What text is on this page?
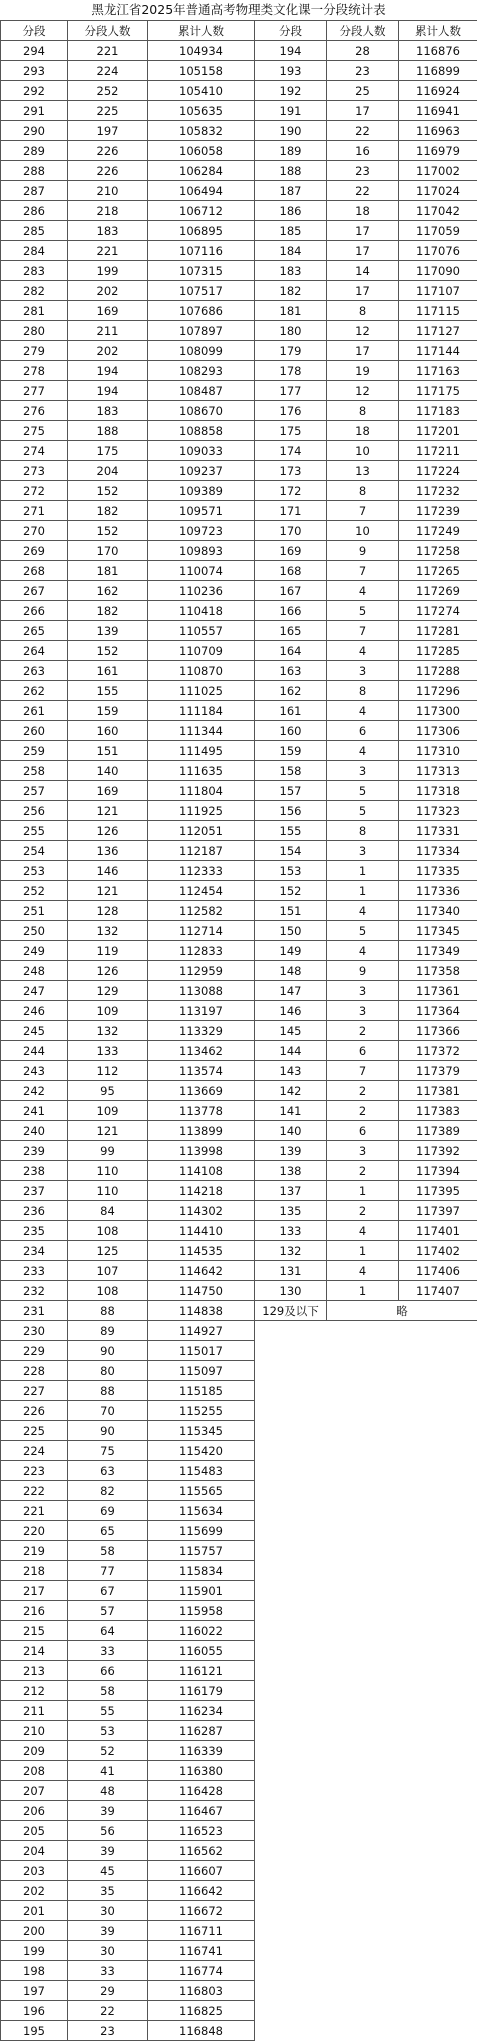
黑龙江省2025年普通高考物理类文化课一分段统计表
分段	分段人数	累计人数
294	221	104934
293	224	105158
292	252	105410
291	225	105635
290	197	105832
289	226	106058
288	226	106284
287	210	106494
286	218	106712
285	183	106895
284	221	107116
283	199	107315
282	202	107517
281	169	107686
280	211	107897
279	202	108099
278	194	108293
277	194	108487
276	183	108670
275	188	108858
274	175	109033
273	204	109237
272	152	109389
271	182	109571
270	152	109723
269	170	109893
268	181	110074
267	162	110236
266	182	110418
265	139	110557
264	152	110709
263	161	110870
262	155	111025
261	159	111184
260	160	111344
259	151	111495
258	140	111635
257	169	111804
256	121	111925
255	126	112051
254	136	112187
253	146	112333
252	121	112454
251	128	112582
250	132	112714
249	119	112833
248	126	112959
247	129	113088
246	109	113197
245	132	113329
244	133	113462
243	112	113574
242	95	113669
241	109	113778
240	121	113899
239	99	113998
238	110	114108
237	110	114218
236	84	114302
235	108	114410
234	125	114535
233	107	114642
232	108	114750
231	88	114838
230	89	114927
229	90	115017
228	80	115097
227	88	115185
226	70	115255
225	90	115345
224	75	115420
223	63	115483
222	82	115565
221	69	115634
220	65	115699
219	58	115757
218	77	115834
217	67	115901
216	57	115958
215	64	116022
214	33	116055
213	66	116121
212	58	116179
211	55	116234
210	53	116287
209	52	116339
208	41	116380
207	48	116428
206	39	116467
205	56	116523
204	39	116562
203	45	116607
202	35	116642
201	30	116672
200	39	116711
199	30	116741
198	33	116774
197	29	116803
196	22	116825
195	23	116848
分段	分段人数	累计人数
194	28	116876
193	23	116899
192	25	116924
191	17	116941
190	22	116963
189	16	116979
188	23	117002
187	22	117024
186	18	117042
185	17	117059
184	17	117076
183	14	117090
182	17	117107
181	8	117115
180	12	117127
179	17	117144
178	19	117163
177	12	117175
176	8	117183
175	18	117201
174	10	117211
173	13	117224
172	8	117232
171	7	117239
170	10	117249
169	9	117258
168	7	117265
167	4	117269
166	5	117274
165	7	117281
164	4	117285
163	3	117288
162	8	117296
161	4	117300
160	6	117306
159	4	117310
158	3	117313
157	5	117318
156	5	117323
155	8	117331
154	3	117334
153	1	117335
152	1	117336
151	4	117340
150	5	117345
149	4	117349
148	9	117358
147	3	117361
146	3	117364
145	2	117366
144	6	117372
143	7	117379
142	2	117381
141	2	117383
140	6	117389
139	3	117392
138	2	117394
137	1	117395
135	2	117397
133	4	117401
132	1	117402
131	4	117406
130	1	117407
129及以下	略	
